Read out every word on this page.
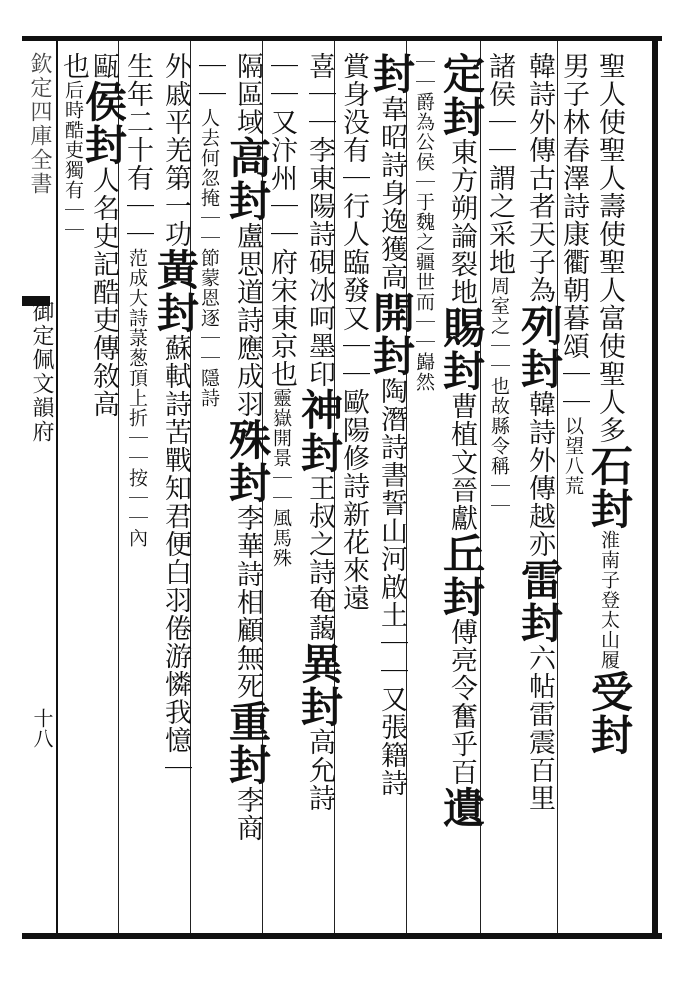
欽定四庫全書
御定佩文韻府
十八
聖人使聖人壽使聖人富使聖人多石封淮南子登太山履受封
男子林春澤詩康衢朝暮頌｜｜以望八荒
韓詩外傳古者天子為列封韓詩外傳越亦雷封六帖雷震百里
諸侯｜｜謂之采地周室之｜｜也故縣令稱｜｜
定封東方朔論裂地賜封曹植文晉獻丘封傅亮令奮乎百遺
｜｜爵為公侯｜于魏之疆世而｜｜巋然
封韋昭詩身逸獲高開封陶潛詩書誓山河啟土｜｜又張籍詩
賞身没有｜行人臨發又｜｜歐陽修詩新花來遠
喜｜｜李東陽詩硯冰呵墨印神封王叔之詩奄藹異封高允詩
｜｜又汴州｜｜府宋東京也靈嶽開景｜｜風馬殊
隔區域高封盧思道詩應成羽殊封李華詩相顧無死重封李商
｜｜人去何忽掩｜｜節蒙恩逐｜｜隱詩
外戚平羌第一功黃封蘇軾詩苦戰知君便白羽倦游憐我憶｜
生年二十有｜｜范成大詩菉葱頂上折｜｜按｜｜內
甌侯封人名史記酷吏傳敘高
也后時酷吏獨有｜｜
